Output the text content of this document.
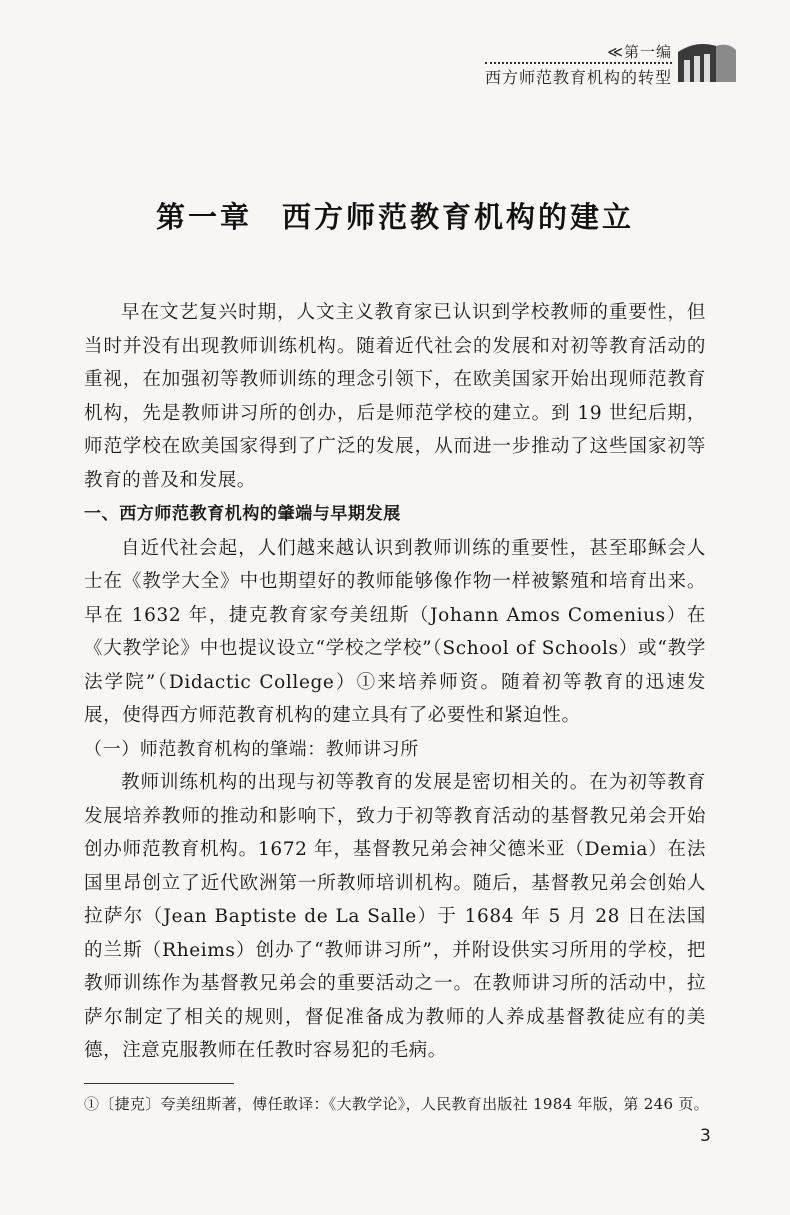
≪第一编
西方师范教育机构的转型
第一章 西方师范教育机构的建立

早在文艺复兴时期，人文主义教育家已认识到学校教师的重要性，但当时并没有出现教师训练机构。随着近代社会的发展和对初等教育活动的重视，在加强初等教师训练的理念引领下，在欧美国家开始出现师范教育机构，先是教师讲习所的创办，后是师范学校的建立。到 19 世纪后期，师范学校在欧美国家得到了广泛的发展，从而进一步推动了这些国家初等教育的普及和发展。

一、西方师范教育机构的肇端与早期发展

自近代社会起，人们越来越认识到教师训练的重要性，甚至耶稣会人士在《教学大全》中也期望好的教师能够像作物一样被繁殖和培育出来。早在 1632 年，捷克教育家夸美纽斯（Johann Amos Comenius）在《大教学论》中也提议设立“学校之学校”（School of Schools）或“教学法学院”（Didactic College）①来培养师资。随着初等教育的迅速发展，使得西方师范教育机构的建立具有了必要性和紧迫性。

（一）师范教育机构的肇端：教师讲习所

教师训练机构的出现与初等教育的发展是密切相关的。在为初等教育发展培养教师的推动和影响下，致力于初等教育活动的基督教兄弟会开始创办师范教育机构。1672 年，基督教兄弟会神父德米亚（Demia）在法国里昂创立了近代欧洲第一所教师培训机构。随后，基督教兄弟会创始人拉萨尔（Jean Baptiste de La Salle）于 1684 年 5 月 28 日在法国的兰斯（Rheims）创办了“教师讲习所”，并附设供实习所用的学校，把教师训练作为基督教兄弟会的重要活动之一。在教师讲习所的活动中，拉萨尔制定了相关的规则，督促准备成为教师的人养成基督教徒应有的美德，注意克服教师在任教时容易犯的毛病。

①〔捷克〕夸美纽斯著，傅任敢译：《大教学论》，人民教育出版社 1984 年版，第 246 页。
3
